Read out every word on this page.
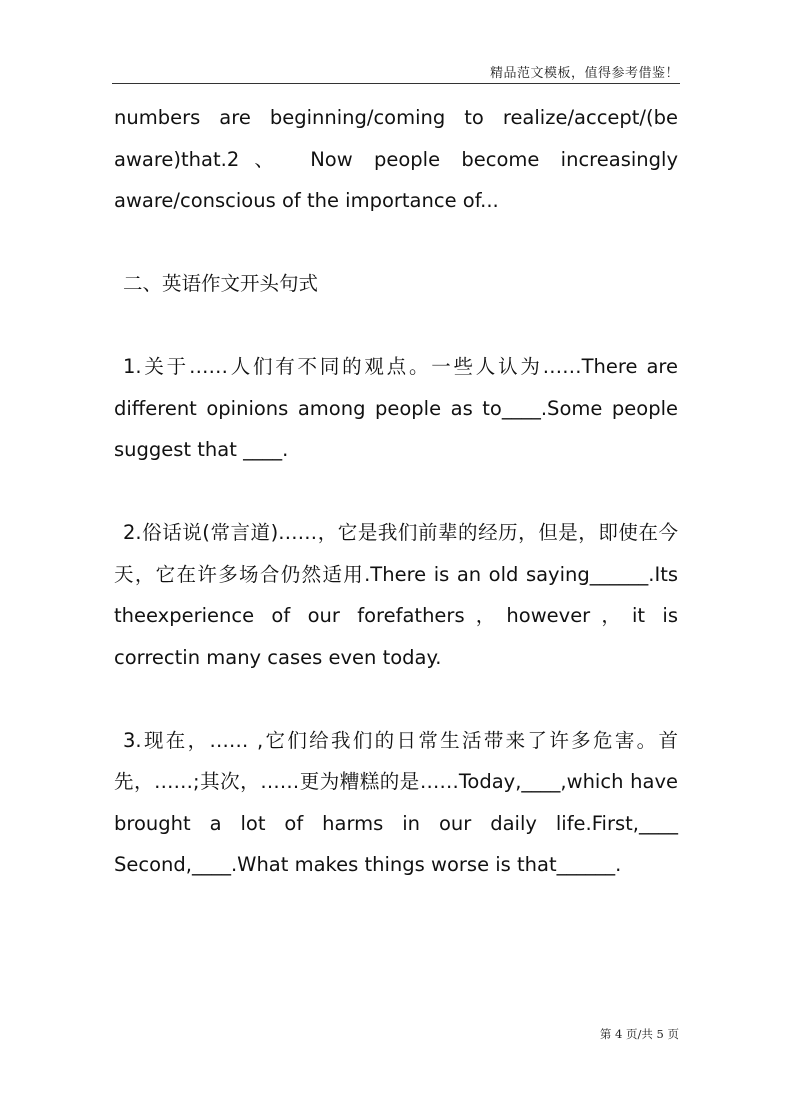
精品范文模板，值得参考借鉴！

numbers are beginning/coming to realize/accept/(be aware)that.2、 Now people become increasingly aware/conscious of the importance of...

二、英语作文开头句式

1.关于……人们有不同的观点。一些人认为……There are different opinions among people as to____.Some people suggest that ____.

2.俗话说(常言道)……，它是我们前辈的经历，但是，即使在今天，它在许多场合仍然适用.There is an old saying______.Its theexperience of our forefathers，however，it is correctin many cases even today.

3.现在，…… ,它们给我们的日常生活带来了许多危害。首先，……;其次，……更为糟糕的是……Today,____,which have brought a lot of harms in our daily life.First,____ Second,____.What makes things worse is that______.

第 4 页/共 5 页
